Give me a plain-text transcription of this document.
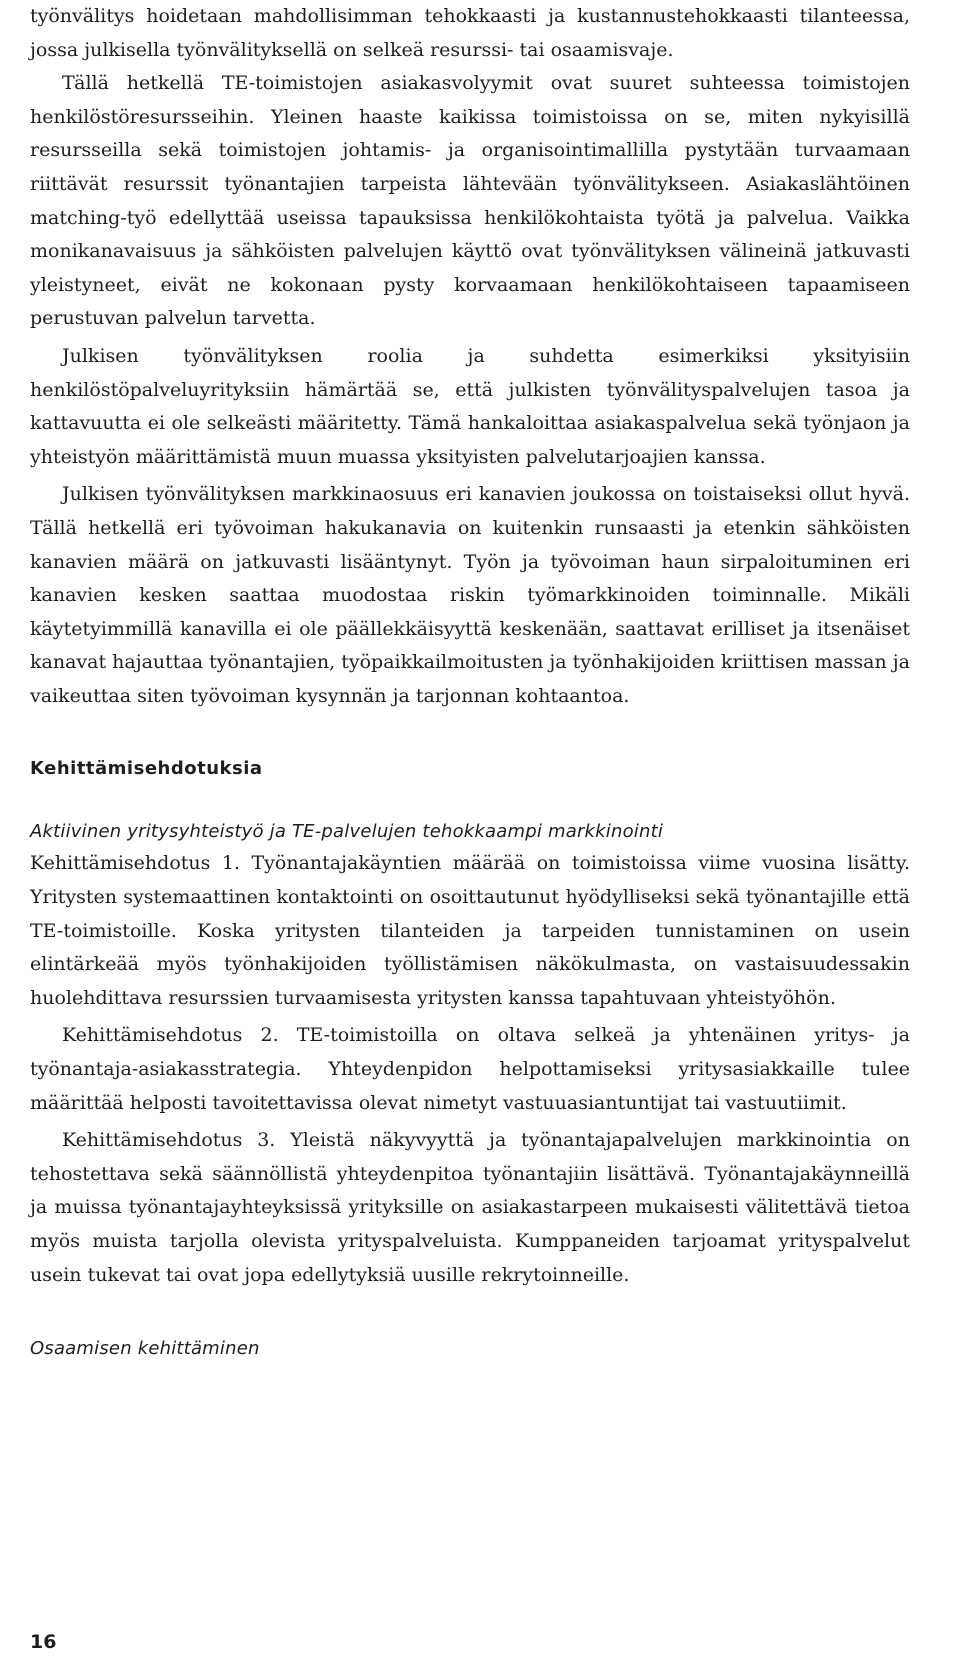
työnvälitys hoidetaan mahdollisimman tehokkaasti ja kustannustehokkaasti tilanteessa, jossa julkisella työnvälityksellä on selkeä resurssi- tai osaamisvaje.

Tällä hetkellä TE-toimistojen asiakasvolyymit ovat suuret suhteessa toimistojen henkilöstöresursseihin. Yleinen haaste kaikissa toimistoissa on se, miten nykyisillä resursseilla sekä toimistojen johtamis- ja organisointimallilla pystytään turvaamaan riittävät resurssit työnantajien tarpeista lähtevään työnvälitykseen. Asiakaslähtöinen matching-työ edellyttää useissa tapauksissa henkilökohtaista työtä ja palvelua. Vaikka monikanavaisuus ja sähköisten palvelujen käyttö ovat työnvälityksen välineinä jatkuvasti yleistyneet, eivät ne kokonaan pysty korvaamaan henkilökohtaiseen tapaamiseen perustuvan palvelun tarvetta.

Julkisen työnvälityksen roolia ja suhdetta esimerkiksi yksityisiin henkilöstöpalveluyrityksiin hämärtää se, että julkisten työnvälityspalvelujen tasoa ja kattavuutta ei ole selkeästi määritetty. Tämä hankaloittaa asiakaspalvelua sekä työnjaon ja yhteistyön määrittämistä muun muassa yksityisten palvelutarjoajien kanssa.

Julkisen työnvälityksen markkinaosuus eri kanavien joukossa on toistaiseksi ollut hyvä. Tällä hetkellä eri työvoiman hakukanavia on kuitenkin runsaasti ja etenkin sähköisten kanavien määrä on jatkuvasti lisääntynyt. Työn ja työvoiman haun sirpaloituminen eri kanavien kesken saattaa muodostaa riskin työmarkkinoiden toiminnalle. Mikäli käytetyimmillä kanavilla ei ole päällekkäisyyttä keskenään, saattavat erilliset ja itsenäiset kanavat hajauttaa työnantajien, työpaikkailmoitusten ja työnhakijoiden kriittisen massan ja vaikeuttaa siten työvoiman kysynnän ja tarjonnan kohtaantoa.

Kehittämisehdotuksia
Aktiivinen yritysyhteistyö ja TE-palvelujen tehokkaampi markkinointi

Kehittämisehdotus 1. Työnantajakäyntien määrää on toimistoissa viime vuosina lisätty. Yritysten systemaattinen kontaktointi on osoittautunut hyödylliseksi sekä työnantajille että TE-toimistoille. Koska yritysten tilanteiden ja tarpeiden tunnistaminen on usein elintärkeää myös työnhakijoiden työllistämisen näkökulmasta, on vastaisuudessakin huolehdittava resurssien turvaamisesta yritysten kanssa tapahtuvaan yhteistyöhön.

Kehittämisehdotus 2. TE-toimistoilla on oltava selkeä ja yhtenäinen yritys- ja työnantaja-asiakasstrategia. Yhteydenpidon helpottamiseksi yritysasiakkaille tulee määrittää helposti tavoitettavissa olevat nimetyt vastuuasiantuntijat tai vastuutiimit.

Kehittämisehdotus 3. Yleistä näkyvyyttä ja työnantajapalvelujen markkinointia on tehostettava sekä säännöllistä yhteydenpitoa työnantajiin lisättävä. Työnantajakäynneillä ja muissa työnantajayhteyksissä yrityksille on asiakastarpeen mukaisesti välitettävä tietoa myös muista tarjolla olevista yrityspalveluista. Kumppaneiden tarjoamat yrityspalvelut usein tukevat tai ovat jopa edellytyksiä uusille rekrytoinneille.

Osaamisen kehittäminen
16
